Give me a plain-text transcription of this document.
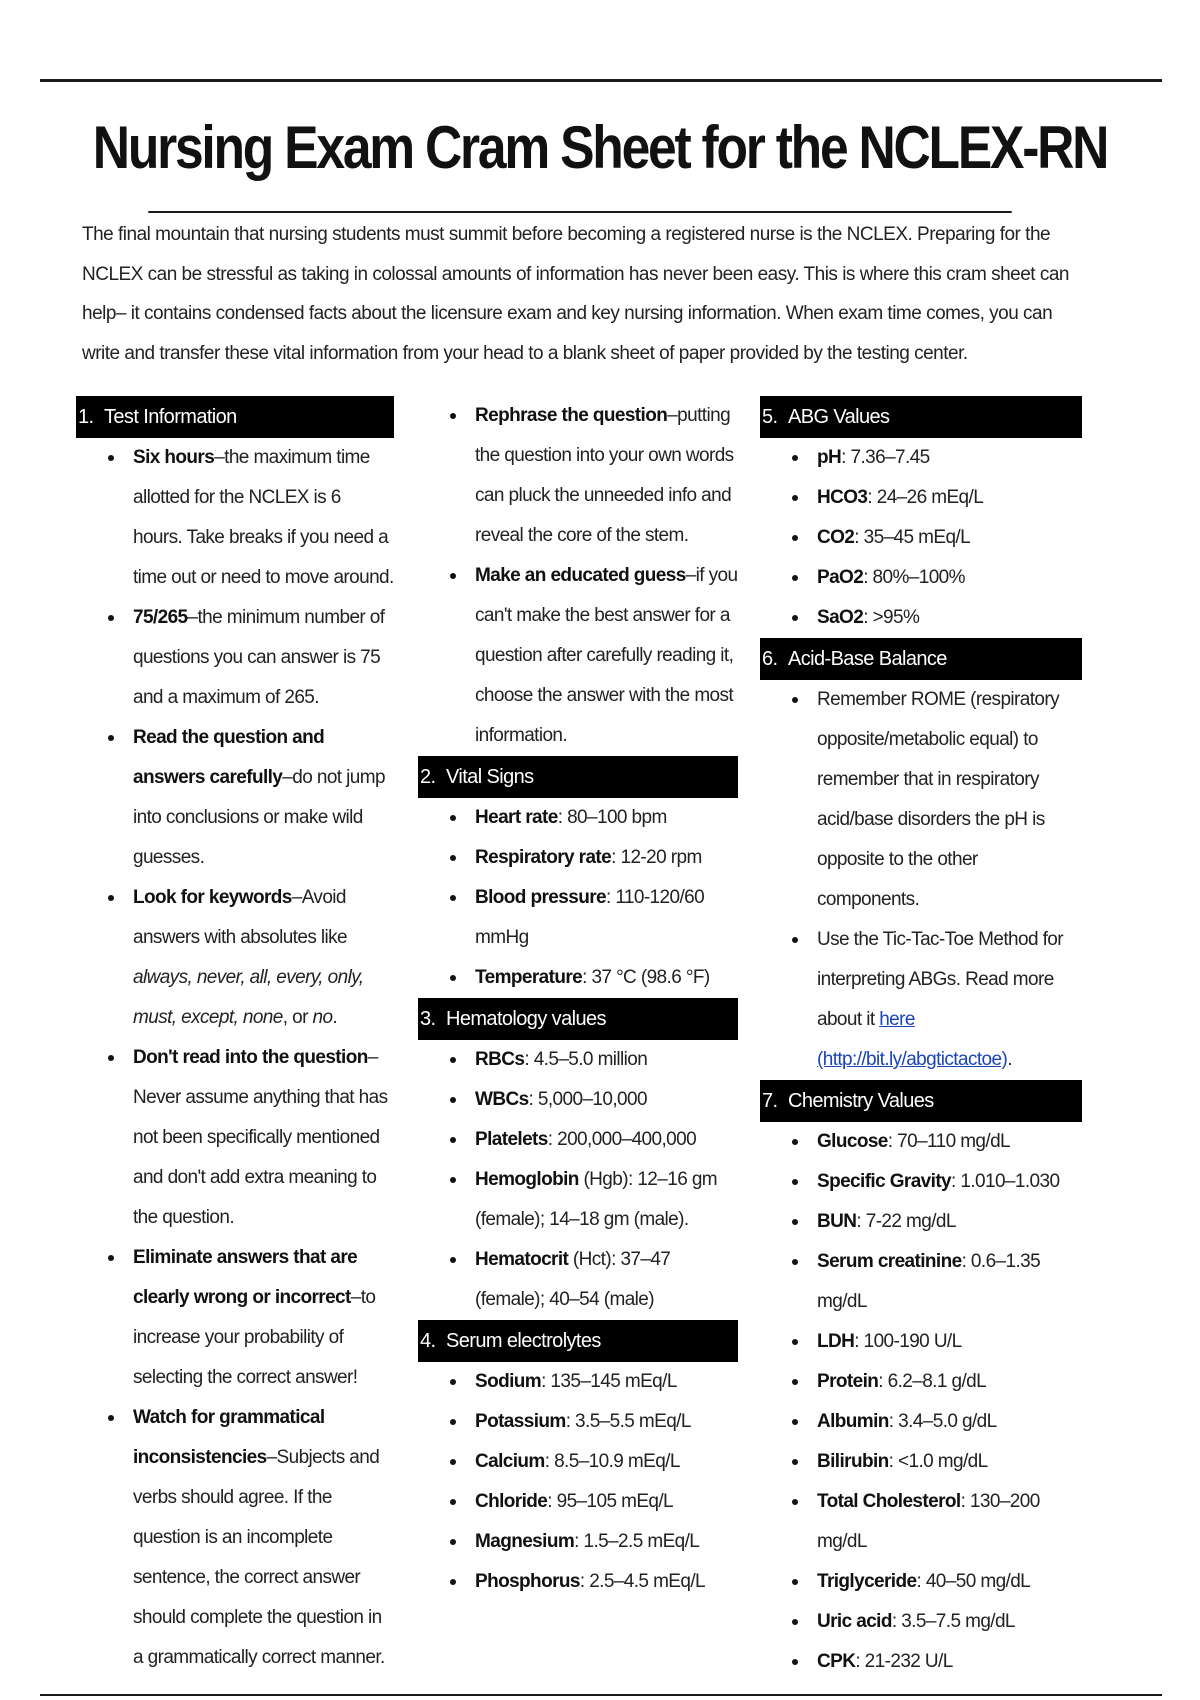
Nursing Exam Cram Sheet for the NCLEX-RN

The final mountain that nursing students must summit before becoming a registered nurse is the NCLEX. Preparing for the NCLEX can be stressful as taking in colossal amounts of information has never been easy. This is where this cram sheet can help– it contains condensed facts about the licensure exam and key nursing information. When exam time comes, you can write and transfer these vital information from your head to a blank sheet of paper provided by the testing center.

1. Test Information
Six hours–the maximum time allotted for the NCLEX is 6 hours. Take breaks if you need a time out or need to move around.
75/265–the minimum number of questions you can answer is 75 and a maximum of 265.
Read the question and answers carefully–do not jump into conclusions or make wild guesses.
Look for keywords–Avoid answers with absolutes like always, never, all, every, only, must, except, none, or no.
Don't read into the question–Never assume anything that has not been specifically mentioned and don't add extra meaning to the question.
Eliminate answers that are clearly wrong or incorrect–to increase your probability of selecting the correct answer!
Watch for grammatical inconsistencies–Subjects and verbs should agree. If the question is an incomplete sentence, the correct answer should complete the question in a grammatically correct manner.
Rephrase the question–putting the question into your own words can pluck the unneeded info and reveal the core of the stem.
Make an educated guess–if you can't make the best answer for a question after carefully reading it, choose the answer with the most information.
2. Vital Signs
Heart rate: 80–100 bpm
Respiratory rate: 12-20 rpm
Blood pressure: 110-120/60 mmHg
Temperature: 37 °C (98.6 °F)
3. Hematology values
RBCs: 4.5–5.0 million
WBCs: 5,000–10,000
Platelets: 200,000–400,000
Hemoglobin (Hgb): 12–16 gm (female); 14–18 gm (male).
Hematocrit (Hct): 37–47 (female); 40–54 (male)
4. Serum electrolytes
Sodium: 135–145 mEq/L
Potassium: 3.5–5.5 mEq/L
Calcium: 8.5–10.9 mEq/L
Chloride: 95–105 mEq/L
Magnesium: 1.5–2.5 mEq/L
Phosphorus: 2.5–4.5 mEq/L
5. ABG Values
pH: 7.36–7.45
HCO3: 24–26 mEq/L
CO2: 35–45 mEq/L
PaO2: 80%–100%
SaO2: >95%
6. Acid-Base Balance
Remember ROME (respiratory opposite/metabolic equal) to remember that in respiratory acid/base disorders the pH is opposite to the other components.
Use the Tic-Tac-Toe Method for interpreting ABGs. Read more about it here (http://bit.ly/abgtictactoe).
7. Chemistry Values
Glucose: 70–110 mg/dL
Specific Gravity: 1.010–1.030
BUN: 7-22 mg/dL
Serum creatinine: 0.6–1.35 mg/dL
LDH: 100-190 U/L
Protein: 6.2–8.1 g/dL
Albumin: 3.4–5.0 g/dL
Bilirubin: <1.0 mg/dL
Total Cholesterol: 130–200 mg/dL
Triglyceride: 40–50 mg/dL
Uric acid: 3.5–7.5 mg/dL
CPK: 21-232 U/L
